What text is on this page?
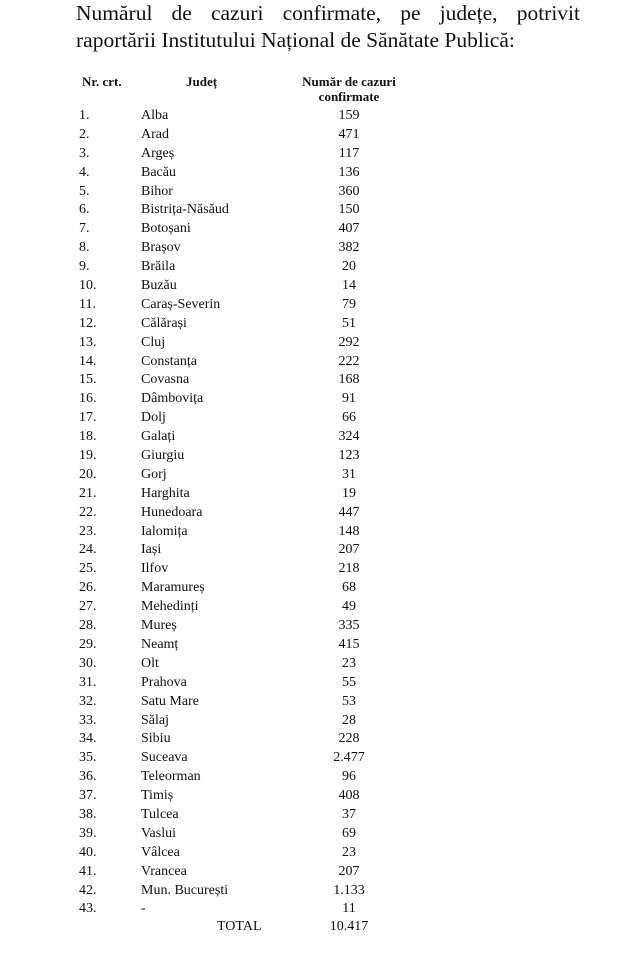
Numărul de cazuri confirmate, pe județe, potrivit
raportării Institutului Național de Sănătate Publică:
Nr. crt.	Județ	Număr de cazuri confirmate
1.	Alba	159
2.	Arad	471
3.	Argeș	117
4.	Bacău	136
5.	Bihor	360
6.	Bistrița-Năsăud	150
7.	Botoșani	407
8.	Brașov	382
9.	Brăila	20
10.	Buzău	14
11.	Caraș-Severin	79
12.	Călărași	51
13.	Cluj	292
14.	Constanța	222
15.	Covasna	168
16.	Dâmbovița	91
17.	Dolj	66
18.	Galați	324
19.	Giurgiu	123
20.	Gorj	31
21.	Harghita	19
22.	Hunedoara	447
23.	Ialomița	148
24.	Iași	207
25.	Ilfov	218
26.	Maramureș	68
27.	Mehedinți	49
28.	Mureș	335
29.	Neamț	415
30.	Olt	23
31.	Prahova	55
32.	Satu Mare	53
33.	Sălaj	28
34.	Sibiu	228
35.	Suceava	2.477
36.	Teleorman	96
37.	Timiș	408
38.	Tulcea	37
39.	Vaslui	69
40.	Vâlcea	23
41.	Vrancea	207
42.	Mun. București	1.133
43.	-	11
TOTAL	10.417
